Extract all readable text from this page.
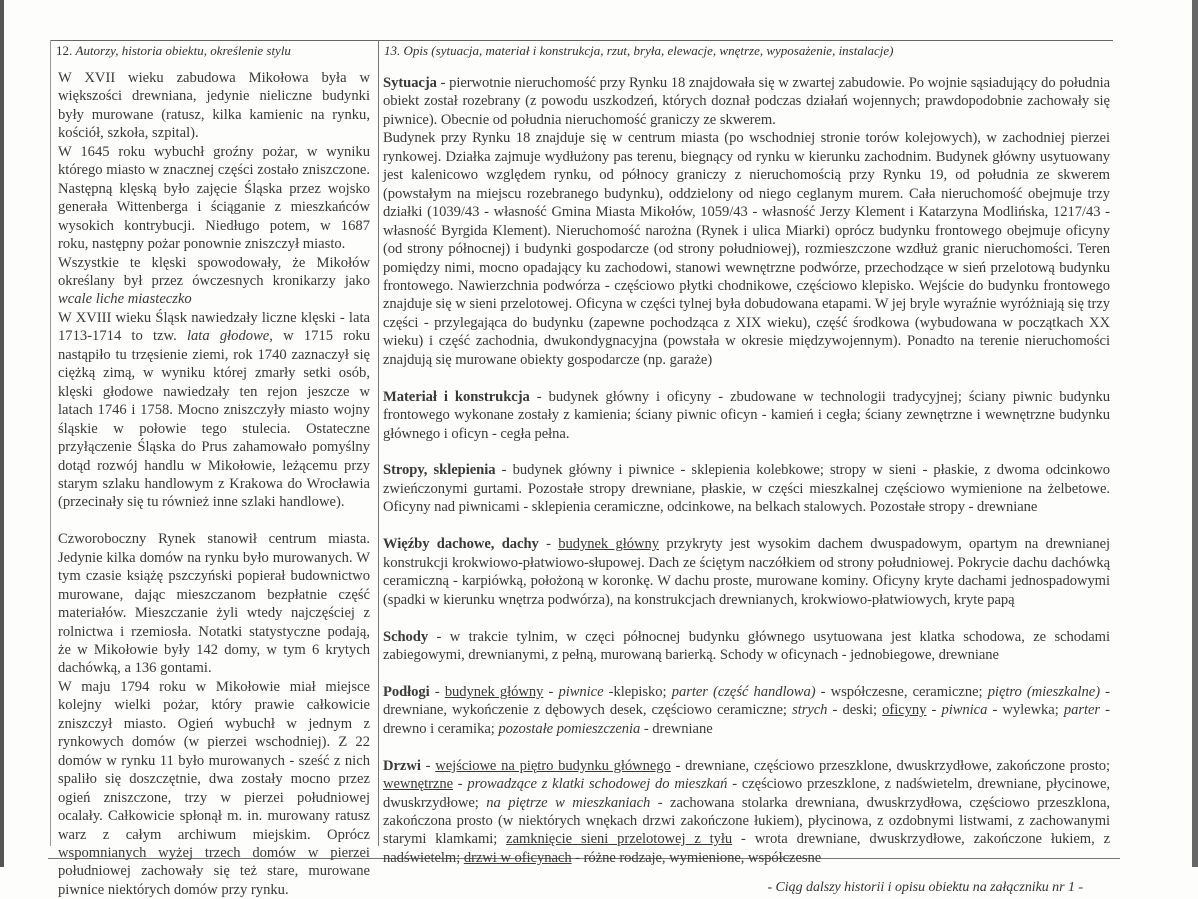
12. Autorzy, historia obiektu, określenie stylu	13. Opis (sytuacja, materiał i konstrukcja, rzut, bryła, elewacje, wnętrze, wyposażenie, instalacje)

W XVII wieku zabudowa Mikołowa była w większości drewniana, jedynie nieliczne budynki były murowane (ratusz, kilka kamienic na rynku, kościół, szkoła, szpital).

W 1645 roku wybuchł groźny pożar, w wyniku którego miasto w znacznej części zostało zniszczone. Następną klęską było zajęcie Śląska przez wojsko generała Wittenberga i ściąganie z mieszkańców wysokich kontrybucji. Niedługo potem, w 1687 roku, następny pożar ponownie zniszczył miasto.

Wszystkie te klęski spowodowały, że Mikołów określany był przez ówczesnych kronikarzy jako wcale liche miasteczko

W XVIII wieku Śląsk nawiedzały liczne klęski - lata 1713-1714 to tzw. lata głodowe, w 1715 roku nastąpiło tu trzęsienie ziemi, rok 1740 zaznaczył się ciężką zimą, w wyniku której zmarły setki osób, klęski głodowe nawiedzały ten rejon jeszcze w latach 1746 i 1758. Mocno zniszczyły miasto wojny śląskie w połowie tego stulecia. Ostateczne przyłączenie Śląska do Prus zahamowało pomyślny dotąd rozwój handlu w Mikołowie, leżącemu przy starym szlaku handlowym z Krakowa do Wrocławia (przecinały się tu również inne szlaki handlowe).

Czworoboczny Rynek stanowił centrum miasta. Jedynie kilka domów na rynku było murowanych. W tym czasie książę pszczyński popierał budownictwo murowane, dając mieszczanom bezpłatnie część materiałów. Mieszczanie żyli wtedy najczęściej z rolnictwa i rzemiosła. Notatki statystyczne podają, że w Mikołowie były 142 domy, w tym 6 krytych dachówką, a 136 gontami.

W maju 1794 roku w Mikołowie miał miejsce kolejny wielki pożar, który prawie całkowicie zniszczył miasto. Ogień wybuchł w jednym z rynkowych domów (w pierzei wschodniej). Z 22 domów w rynku 11 było murowanych - sześć z nich spaliło się doszczętnie, dwa zostały mocno przez ogień zniszczone, trzy w pierzei południowej ocalały. Całkowicie spłonął m. in. murowany ratusz warz z całym archiwum miejskim. Oprócz wspomnianych wyżej trzech domów w pierzei południowej zachowały się też stare, murowane piwnice niektórych domów przy rynku.

Sytuacja - pierwotnie nieruchomość przy Rynku 18 znajdowała się w zwartej zabudowie. Po wojnie sąsiadujący do południa obiekt został rozebrany (z powodu uszkodzeń, których doznał podczas działań wojennych; prawdopodobnie zachowały się piwnice). Obecnie od południa nieruchomość graniczy ze skwerem.

Budynek przy Rynku 18 znajduje się w centrum miasta (po wschodniej stronie torów kolejowych), w zachodniej pierzei rynkowej. Działka zajmuje wydłużony pas terenu, biegnący od rynku w kierunku zachodnim. Budynek główny usytuowany jest kalenicowo względem rynku, od północy graniczy z nieruchomością przy Rynku 19, od południa ze skwerem (powstałym na miejscu rozebranego budynku), oddzielony od niego ceglanym murem. Cała nieruchomość obejmuje trzy działki (1039/43 - własność Gmina Miasta Mikołów, 1059/43 - własność Jerzy Klement i Katarzyna Modlińska, 1217/43 - własność Byrgida Klement). Nieruchomość narożna (Rynek i ulica Miarki) oprócz budynku frontowego obejmuje oficyny (od strony północnej) i budynki gospodarcze (od strony południowej), rozmieszczone wzdłuż granic nieruchomości. Teren pomiędzy nimi, mocno opadający ku zachodowi, stanowi wewnętrzne podwórze, przechodzące w sień przelotową budynku frontowego. Nawierzchnia podwórza - częściowo płytki chodnikowe, częściowo klepisko. Wejście do budynku frontowego znajduje się w sieni przelotowej. Oficyna w części tylnej była dobudowana etapami. W jej bryle wyraźnie wyróżniają się trzy części - przylegająca do budynku (zapewne pochodząca z XIX wieku), część środkowa (wybudowana w początkach XX wieku) i część zachodnia, dwukondygnacyjna (powstała w okresie międzywojennym). Ponadto na terenie nieruchomości znajdują się murowane obiekty gospodarcze (np. garaże)

Materiał i konstrukcja - budynek główny i oficyny - zbudowane w technologii tradycyjnej; ściany piwnic budynku frontowego wykonane zostały z kamienia; ściany piwnic oficyn - kamień i cegła; ściany zewnętrzne i wewnętrzne budynku głównego i oficyn - cegła pełna.

Stropy, sklepienia - budynek główny i piwnice - sklepienia kolebkowe; stropy w sieni - płaskie, z dwoma odcinkowo zwieńczonymi gurtami. Pozostałe stropy drewniane, płaskie, w części mieszkalnej częściowo wymienione na żelbetowe. Oficyny nad piwnicami - sklepienia ceramiczne, odcinkowe, na belkach stalowych. Pozostałe stropy - drewniane

Więźby dachowe, dachy - budynek główny przykryty jest wysokim dachem dwuspadowym, opartym na drewnianej konstrukcji krokwiowo-płatwiowo-słupowej. Dach ze ściętym naczółkiem od strony południowej. Pokrycie dachu dachówką ceramiczną - karpiówką, położoną w koronkę. W dachu proste, murowane kominy. Oficyny kryte dachami jednospadowymi (spadki w kierunku wnętrza podwórza), na konstrukcjach drewnianych, krokwiowo-płatwiowych, kryte papą

Schody - w trakcie tylnim, w częci północnej budynku głównego usytuowana jest klatka schodowa, ze schodami zabiegowymi, drewnianymi, z pełną, murowaną barierką. Schody w oficynach - jednobiegowe, drewniane

Podłogi - budynek główny - piwnice -klepisko; parter (część handlowa) - współczesne, ceramiczne; piętro (mieszkalne) - drewniane, wykończenie z dębowych desek, częściowo ceramiczne; strych - deski; oficyny - piwnica - wylewka; parter - drewno i ceramika; pozostałe pomieszczenia - drewniane

Drzwi - wejściowe na piętro budynku głównego - drewniane, częściowo przeszklone, dwuskrzydłowe, zakończone prosto; wewnętrzne - prowadzące z klatki schodowej do mieszkań - częściowo przeszklone, z nadświetelm, drewniane, płycinowe, dwuskrzydłowe; na piętrze w mieszkaniach - zachowana stolarka drewniana, dwuskrzydłowa, częściowo przeszklona, zakończona prosto (w niektórych wnękach drzwi zakończone łukiem), płycinowa, z ozdobnymi listwami, z zachowanymi starymi klamkami; zamknięcie sieni przelotowej z tyłu - wrota drewniane, dwuskrzydłowe, zakończone łukiem, z nadświetelm; drzwi w oficynach - różne rodzaje, wymienione, współczesne

- Ciąg dalszy historii i opisu obiektu na załączniku nr 1 -
